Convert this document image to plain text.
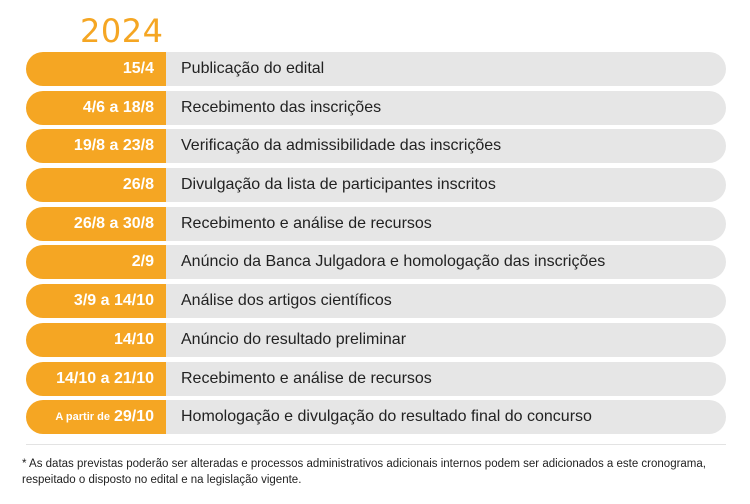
2024
15/4	Publicação do edital
4/6 a 18/8	Recebimento das inscrições
19/8 a 23/8	Verificação da admissibilidade das inscrições
26/8	Divulgação da lista de participantes inscritos
26/8 a 30/8	Recebimento e análise de recursos
2/9	Anúncio da Banca Julgadora e homologação das inscrições
3/9 a 14/10	Análise dos artigos científicos
14/10	Anúncio do resultado preliminar
14/10 a 21/10	Recebimento e análise de recursos
A partir de 29/10	Homologação e divulgação do resultado final do concurso
* As datas previstas poderão ser alteradas e processos administrativos adicionais internos podem ser adicionados a este cronograma, respeitado o disposto no edital e na legislação vigente.
